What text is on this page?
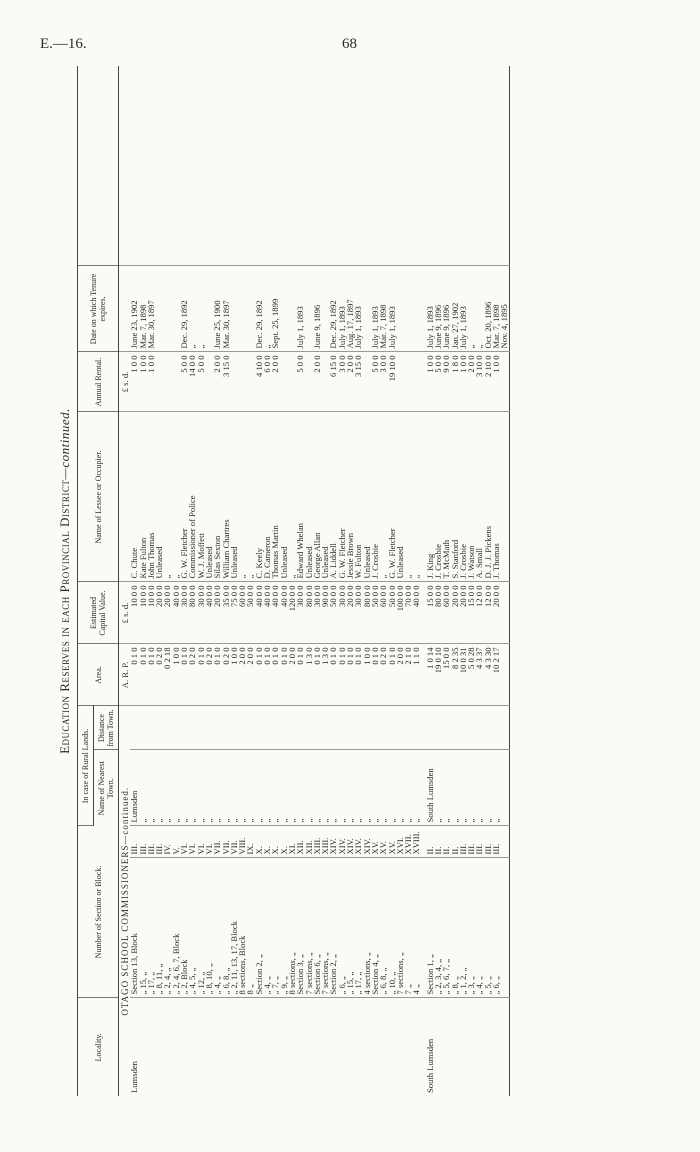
E.—16.	68
Education Reserves in each Provincial District—continued.
Locality.	Number of Section or Block.		In case of Rural Lands.		Area.	Estimated Capital Value.	Name of Lessee or Occupier.	Annual Rental.	Date on which Tenure expires.	
			Name of Nearest Town.	Distance from Town.						
OTAGO SCHOOL COMMISSIONERS—continued.					A. R. P.	£ s. d.		£ s. d.		
Lumsden	Section 13, Block	III.	Lumsden		0 1 0	10 0 0	C. Chute	1 0 0	June 23, 1902	
	„ 15, „	III.	„		0 1 0	10 0 0	Kate Fulton	1 0 0	Mar. 7, 1898	
	„ 17, „	III.	„		0 1 0	10 0 0	John Thomas	1 0 0	Mar. 30, 1897	
	„ 8, 11, „	III.	„		0 2 0	20 0 0	Unleased			
	„ 2, 4, „	IV.	„		0 2 18	20 0 0	„			
	„ 2, 4, 6, 7, Block	V.	„		1 0 0	40 0 0	„			
	„ 2, Block	VI.	„		0 1 0	30 0 0	G. W. Fletcher	5 0 0	Dec. 29, 1892	
	„ 4, 5, „	VI.	„		0 2 0	80 0 0	Commissioner of Police	14 0 0	„	
	„ 12, „	VI.	„		0 1 0	30 0 0	W. J. Moffett	5 0 0	„	
	„ 8, 10, „	VI.	„		0 2 0	40 0 0	Unleased			
	„ 4, „	VII.	„		0 1 0	20 0 0	Silas Sexton	2 0 0	June 25, 1900	
	„ 6, 8, „	VII.	„		0 2 0	35 0 0	William Chartres	3 15 0	Mar. 30, 1897	
	„ 2, 11, 13, 17, Block	VII.	„		1 0 0	75 0 0	Unleased			
	8 sections, Block	VIII.	„		2 0 0	60 0 0	„			
	8 „	IX.	„		2 0 0	50 0 0	„			
	Section 2, „	X.	„		0 1 0	40 0 0	C. Keely	4 10 0	Dec. 29, 1892	
	„ 4, „	X.	„		0 1 0	40 0 0	D. Cameron	6 0 0	„	
	„ 7, „	X.	„		0 1 0	40 0 0	Thomas Martin	2 0 0	Sept. 25, 1899	
	„ 9, „	X.	„		0 1 0	40 0 0	Unleased			
	8 sections, „	XI.	„		2 0 0	120 0 0	„			
	Section 3, „	XII.	„		0 1 0	30 0 0	Edward Whelan	5 0 0	July 1, 1893	
	7 sections, „	XII.	„		1 3 0	80 0 0	Unleased			
	Section 6, „	XIII.	„		0 1 0	30 0 0	George Allan	2 0 0	June 9, 1896	
	7 sections, „	XIII.	„		1 3 0	90 0 0	Unleased			
	Section 2, „	XIV.	„		0 1 0	50 0 0	A. Liddell	6 15 0	Dec. 29, 1892	
	„ 6, „	XIV.	„		0 1 0	30 0 0	G. W. Fletcher	3 0 0	July 1, 1893	
	„ 15, „	XIV.	„		0 1 0	20 0 0	Jessie Brown	2 0 0	Aug. 17, 1897	
	„ 17, „	XIV.	„		0 1 0	30 0 0	W. Fulton	3 15 0	July 1, 1893	
	4 sections, „	XIV.	„		1 0 0	80 0 0	Unleased			
	Section 4, „	XV.	„		0 1 0	50 0 0	J. Crosbie	5 0 0	July 1, 1893	
	„ 6, 8, „	XV.	„		0 2 0	60 0 0	„	3 0 0	Mar. 7, 1898	
	„ 10, „	XV.	„		0 1 0	50 0 0	G. W. Fletcher	19 10 0	July 1, 1893	
	7 sections, „	XVI.	„		2 0 0	100 0 0	Unleased			
	7 „	XVII.	„		2 1 0	70 0 0	„			
	4 „	XVIII.	„		1 1 0	40 0 0	„			

South Lumsden	Section 1, „	II.	South Lumsden		1 0 14	15 0 0	J. King	1 0 0	July 1, 1893	
	„ 2, 3, 4, „	II.	„		19 0 10	80 0 0	J. Crosbie	5 0 0	June 9, 1896	
	„ 5, 6, 7, „	II.	„		15 0 0	60 0 0	T. McMath	9 0 0	June 9, 1896	
	„ 8, „	II.	„		8 2 35	20 0 0	S. Stanford	1 8 0	Jan. 27, 1902	
	„ 1, 2, „	III.	„		10 0 31	20 0 0	J. Crosbie	1 0 0	July 1, 1893	
	„ 3, „	III.	„		5 0 28	15 0 0	J. Watson	2 0 0	„	
	„ 4, „	III.	„		4 3 37	12 0 0	A. Small	3 10 0	„	
	„ 5, „	III.	„		4 3 30	12 0 0	D. J. J. Pickens	2 10 0	Oct. 20, 1896	
	„ 6, „	III.	„		10 2 17	20 0 0	J. Thomas	1 0 0	Mar. 7, 1898	
									Nov. 4, 1895	
